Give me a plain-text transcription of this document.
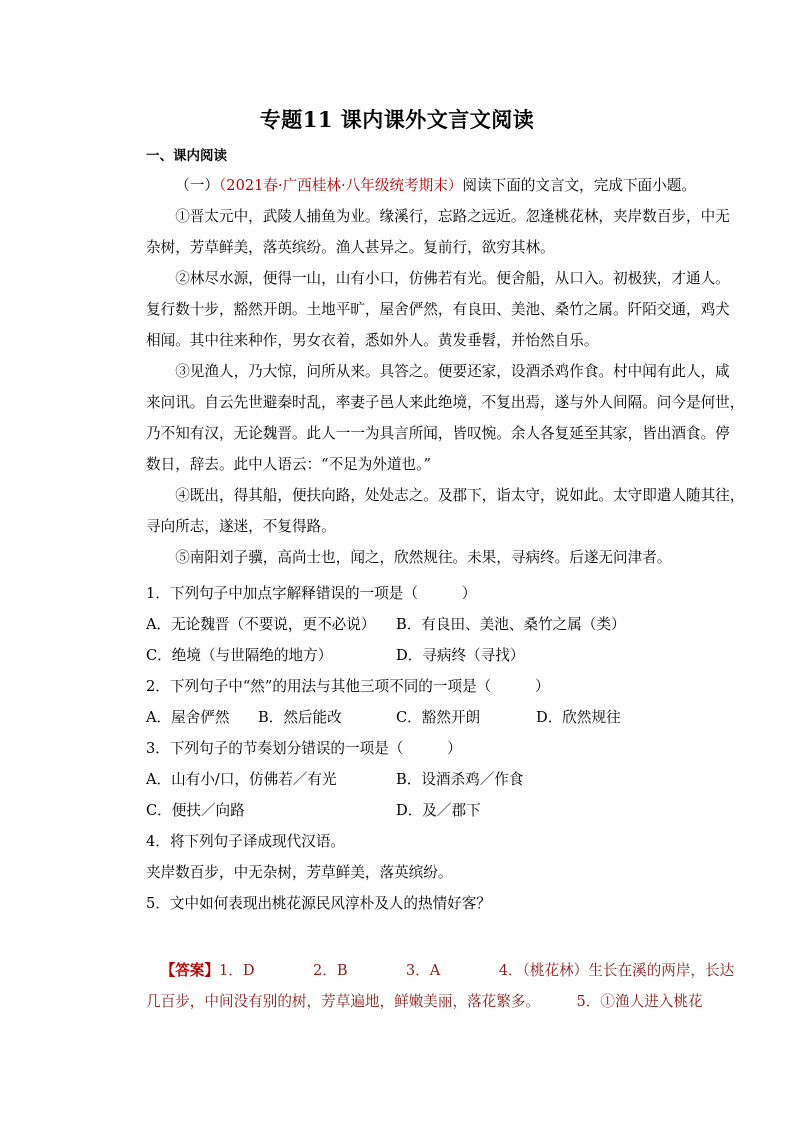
专题11 课内课外文言文阅读
一、课内阅读
（一）（2021春·广西桂林·八年级统考期末）阅读下面的文言文，完成下面小题。
①晋太元中，武陵人捕鱼为业。缘溪行，忘路之远近。忽逢桃花林，夹岸数百步，中无
杂树，芳草鲜美，落英缤纷。渔人甚异之。复前行，欲穷其林。
②林尽水源，便得一山，山有小口，仿佛若有光。便舍船，从口入。初极狭，才通人。
复行数十步，豁然开朗。土地平旷，屋舍俨然，有良田、美池、桑竹之属。阡陌交通，鸡犬
相闻。其中往来种作，男女衣着，悉如外人。黄发垂髫，并怡然自乐。
③见渔人，乃大惊，问所从来。具答之。便要还家，设酒杀鸡作食。村中闻有此人，咸
来问讯。自云先世避秦时乱，率妻子邑人来此绝境，不复出焉，遂与外人间隔。问今是何世，
乃不知有汉，无论魏晋。此人一一为具言所闻，皆叹惋。余人各复延至其家，皆出酒食。停
数日，辞去。此中人语云：“不足为外道也。”
④既出，得其船，便扶向路，处处志之。及郡下，诣太守，说如此。太守即遣人随其往，
寻向所志，遂迷，不复得路。
⑤南阳刘子骥，高尚士也，闻之，欣然规往。未果，寻病终。后遂无问津者。
1．下列句子中加点字解释错误的一项是（　　　）
A．无论魏晋（不要说，更不必说） B．有良田、美池、桑竹之属（类）
C．绝境（与世隔绝的地方）	D．寻病终（寻找）
2．下列句子中“然”的用法与其他三项不同的一项是（　　　）
A．屋舍俨然 B．然后能改	C．豁然开朗	D．欣然规往
3．下列句子的节奏划分错误的一项是（　　　）
A．山有小/口，仿佛若／有光	B．设酒杀鸡／作食
C．便扶／向路	D．及／郡下
4．将下列句子译成现代汉语。
夹岸数百步，中无杂树，芳草鲜美，落英缤纷。
5．文中如何表现出桃花源民风淳朴及人的热情好客？
【答案】1．D　　　　2．B　　　　3．A　　　　4．（桃花林）生长在溪的两岸，长达
几百步，中间没有别的树，芳草遍地，鲜嫩美丽，落花繁多。　　　5．①渔人进入桃花
